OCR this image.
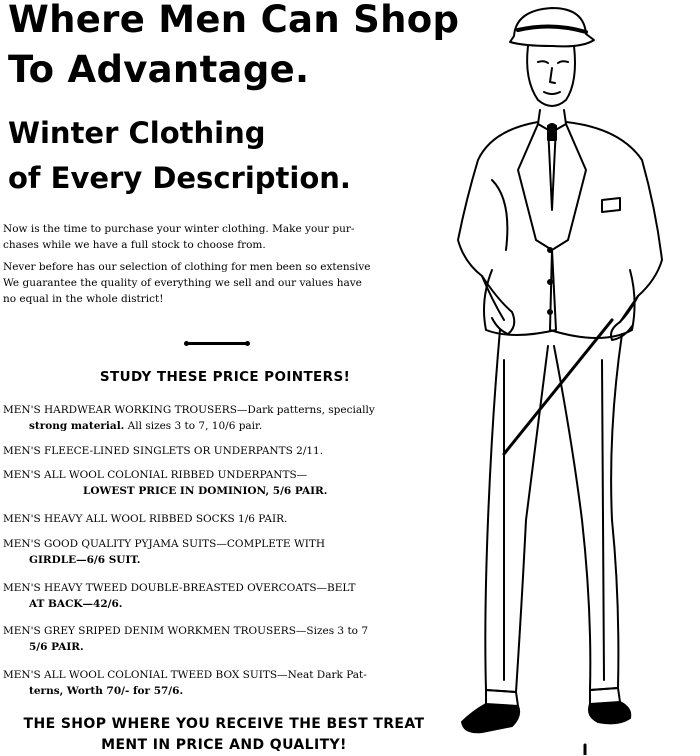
Where Men Can Shop
To Advantage.
Winter Clothing
of Every Description.
Now is the time to purchase your winter clothing. Make your pur-
chases while we have a full stock to choose from.
Never before has our selection of clothing for men been so extensive
We guarantee the quality of everything we sell and our values have
no equal in the whole district!
STUDY THESE PRICE POINTERS!
MEN'S HARDWEAR WORKING TROUSERS—Dark patterns, specially
strong material. All sizes 3 to 7, 10/6 pair.
MEN'S FLEECE-LINED SINGLETS OR UNDERPANTS 2/11.
MEN'S ALL WOOL COLONIAL RIBBED UNDERPANTS—
LOWEST PRICE IN DOMINION, 5/6 PAIR.
MEN'S HEAVY ALL WOOL RIBBED SOCKS 1/6 PAIR.
MEN'S GOOD QUALITY PYJAMA SUITS—COMPLETE WITH
GIRDLE—6/6 SUIT.
MEN'S HEAVY TWEED DOUBLE-BREASTED OVERCOATS—BELT
AT BACK—42/6.
MEN'S GREY SRIPED DENIM WORKMEN TROUSERS—Sizes 3 to 7
5/6 PAIR.
MEN'S ALL WOOL COLONIAL TWEED BOX SUITS—Neat Dark Pat-
terns, Worth 70/- for 57/6.
THE SHOP WHERE YOU RECEIVE THE BEST TREAT
MENT IN PRICE AND QUALITY!
